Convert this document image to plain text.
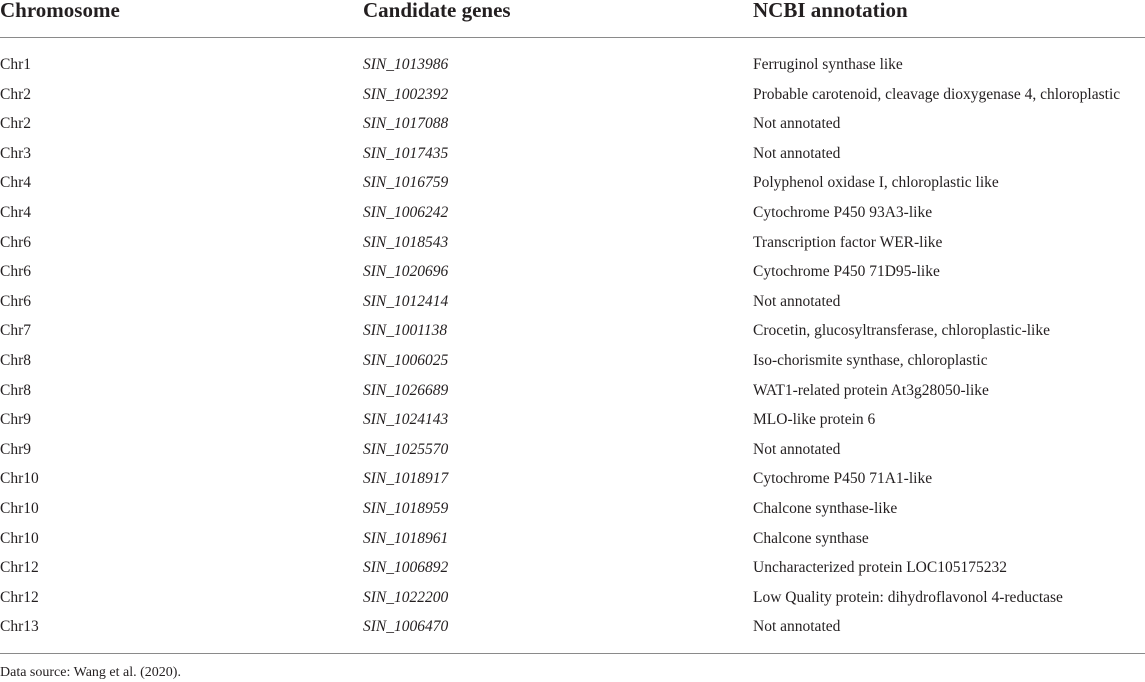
Chromosome	Candidate genes	NCBI annotation
Chr1	SIN_1013986	Ferruginol synthase like
Chr2	SIN_1002392	Probable carotenoid, cleavage dioxygenase 4, chloroplastic
Chr2	SIN_1017088	Not annotated
Chr3	SIN_1017435	Not annotated
Chr4	SIN_1016759	Polyphenol oxidase I, chloroplastic like
Chr4	SIN_1006242	Cytochrome P450 93A3-like
Chr6	SIN_1018543	Transcription factor WER-like
Chr6	SIN_1020696	Cytochrome P450 71D95-like
Chr6	SIN_1012414	Not annotated
Chr7	SIN_1001138	Crocetin, glucosyltransferase, chloroplastic-like
Chr8	SIN_1006025	Iso-chorismite synthase, chloroplastic
Chr8	SIN_1026689	WAT1-related protein At3g28050-like
Chr9	SIN_1024143	MLO-like protein 6
Chr9	SIN_1025570	Not annotated
Chr10	SIN_1018917	Cytochrome P450 71A1-like
Chr10	SIN_1018959	Chalcone synthase-like
Chr10	SIN_1018961	Chalcone synthase
Chr12	SIN_1006892	Uncharacterized protein LOC105175232
Chr12	SIN_1022200	Low Quality protein: dihydroflavonol 4-reductase
Chr13	SIN_1006470	Not annotated
Data source: Wang et al. (2020).
